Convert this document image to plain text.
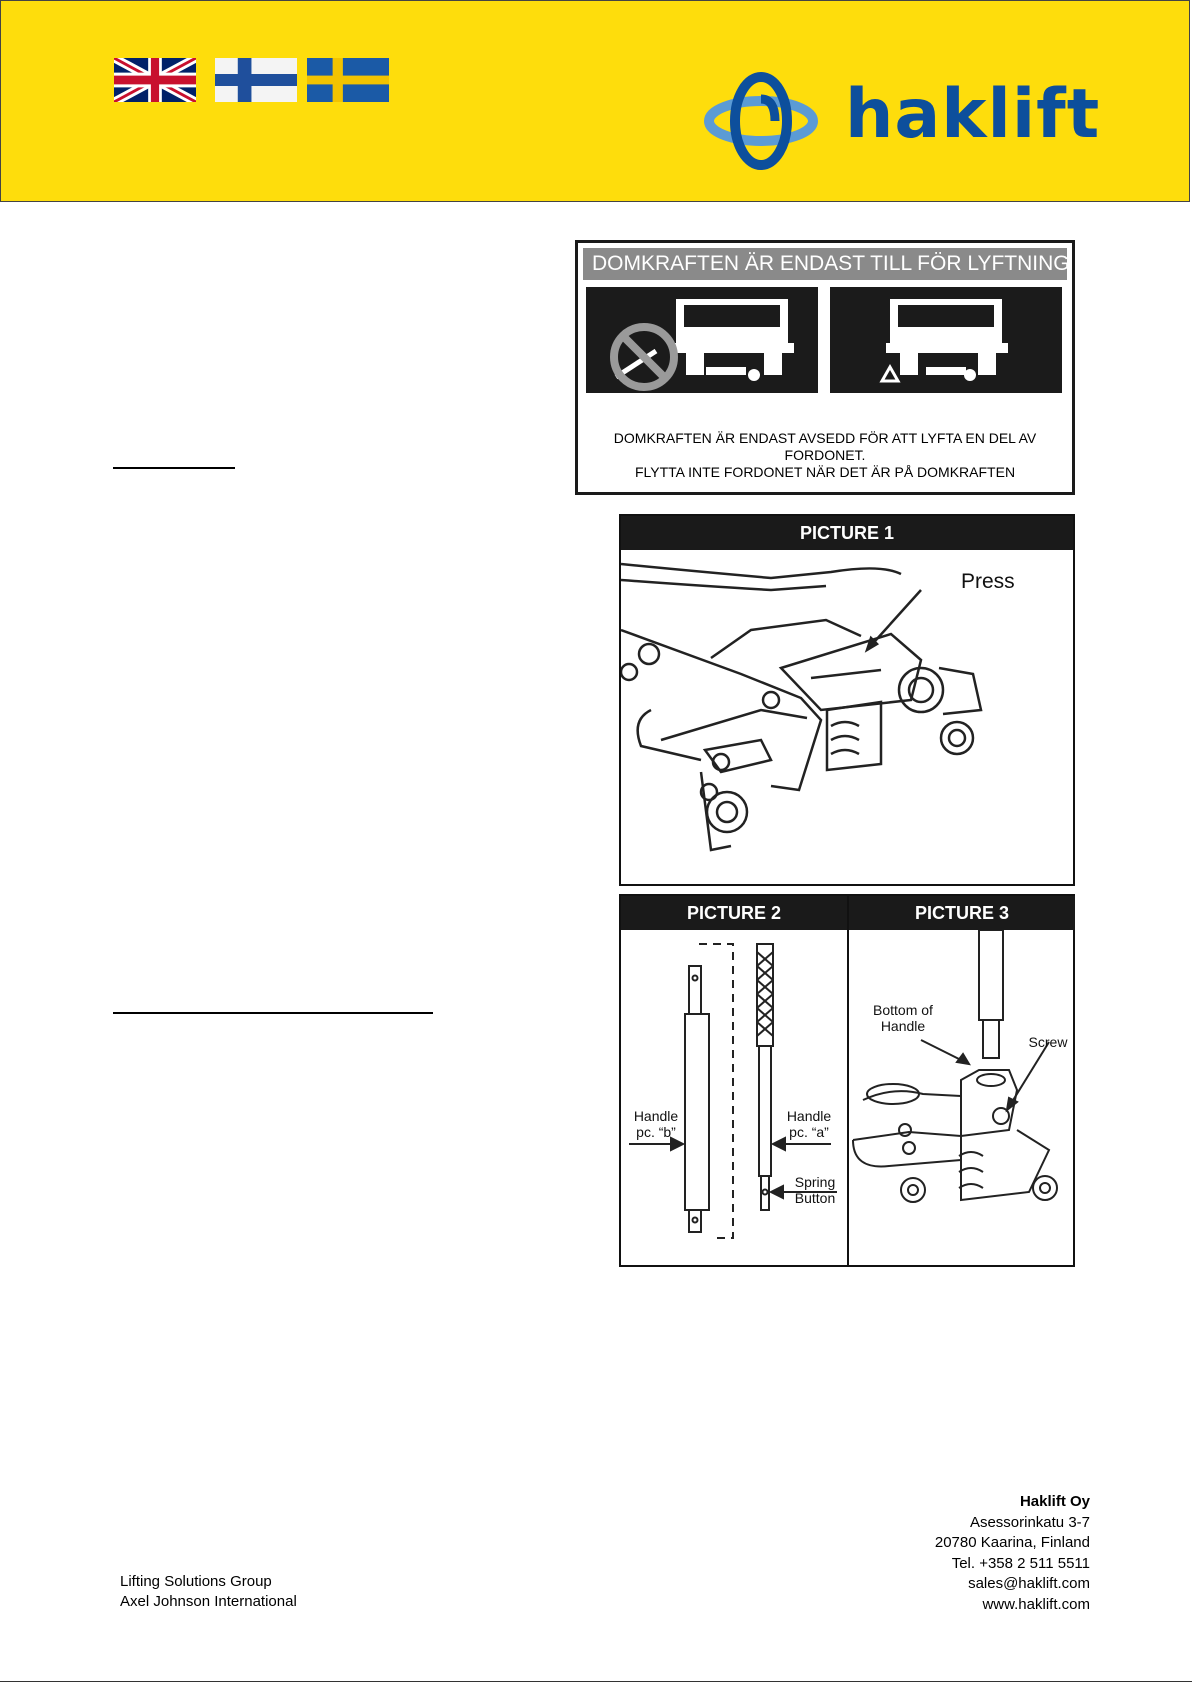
haklift
DOMKRAFTEN ÄR ENDAST TILL FÖR LYFTNING
DOMKRAFTEN ÄR ENDAST AVSEDD FÖR ATT LYFTA EN DEL AV FORDONET.
FLYTTA INTE FORDONET NÄR DET ÄR PÅ DOMKRAFTEN
PICTURE 1
Press
PICTURE 2	PICTURE 3
Handle
pc. “b”
Handle
pc. “a”
Spring
Button
Bottom of
Handle
Screw
Lifting Solutions Group
Axel Johnson International
Haklift Oy
Asessorinkatu 3-7
20780 Kaarina, Finland
Tel. +358 2 511 5511
sales@haklift.com
www.haklift.com
